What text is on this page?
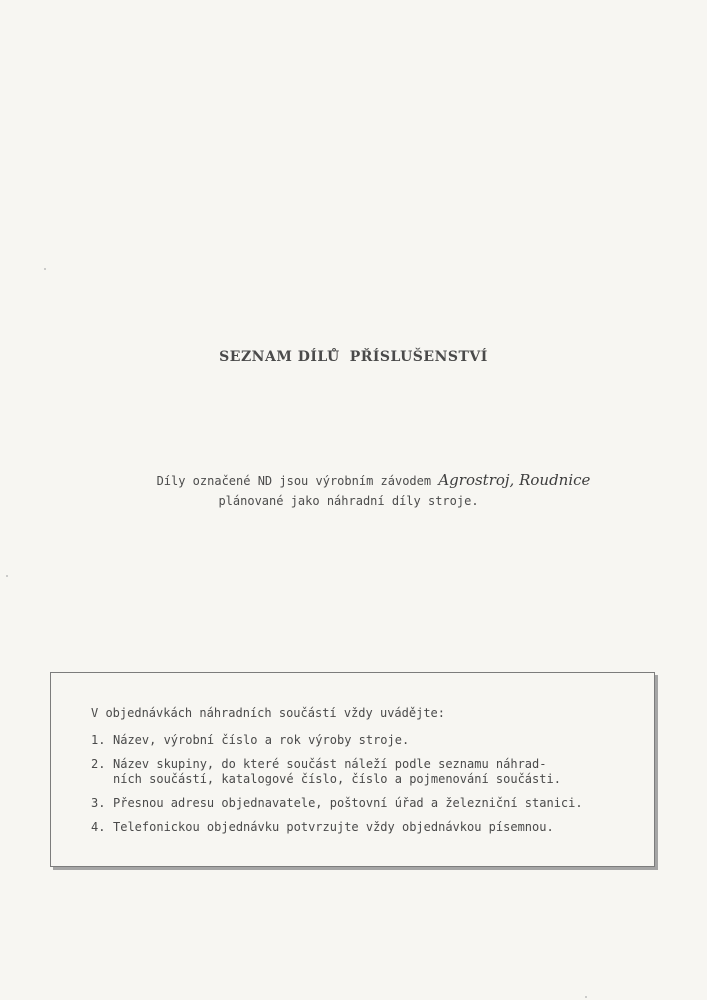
SEZNAM DÍLŮ PŘÍSLUŠENSTVÍ
Díly označené ND jsou výrobním závodem Agrostroj, Roudnice
plánované jako náhradní díly stroje.

V objednávkách náhradních součástí vždy uvádějte:

1. Název, výrobní číslo a rok výroby stroje.
2. Název skupiny, do které součást náleží podle seznamu náhrad-
ních součástí, katalogové číslo, číslo a pojmenování součásti.
3. Přesnou adresu objednavatele, poštovní úřad a železniční stanici.
4. Telefonickou objednávku potvrzujte vždy objednávkou písemnou.
